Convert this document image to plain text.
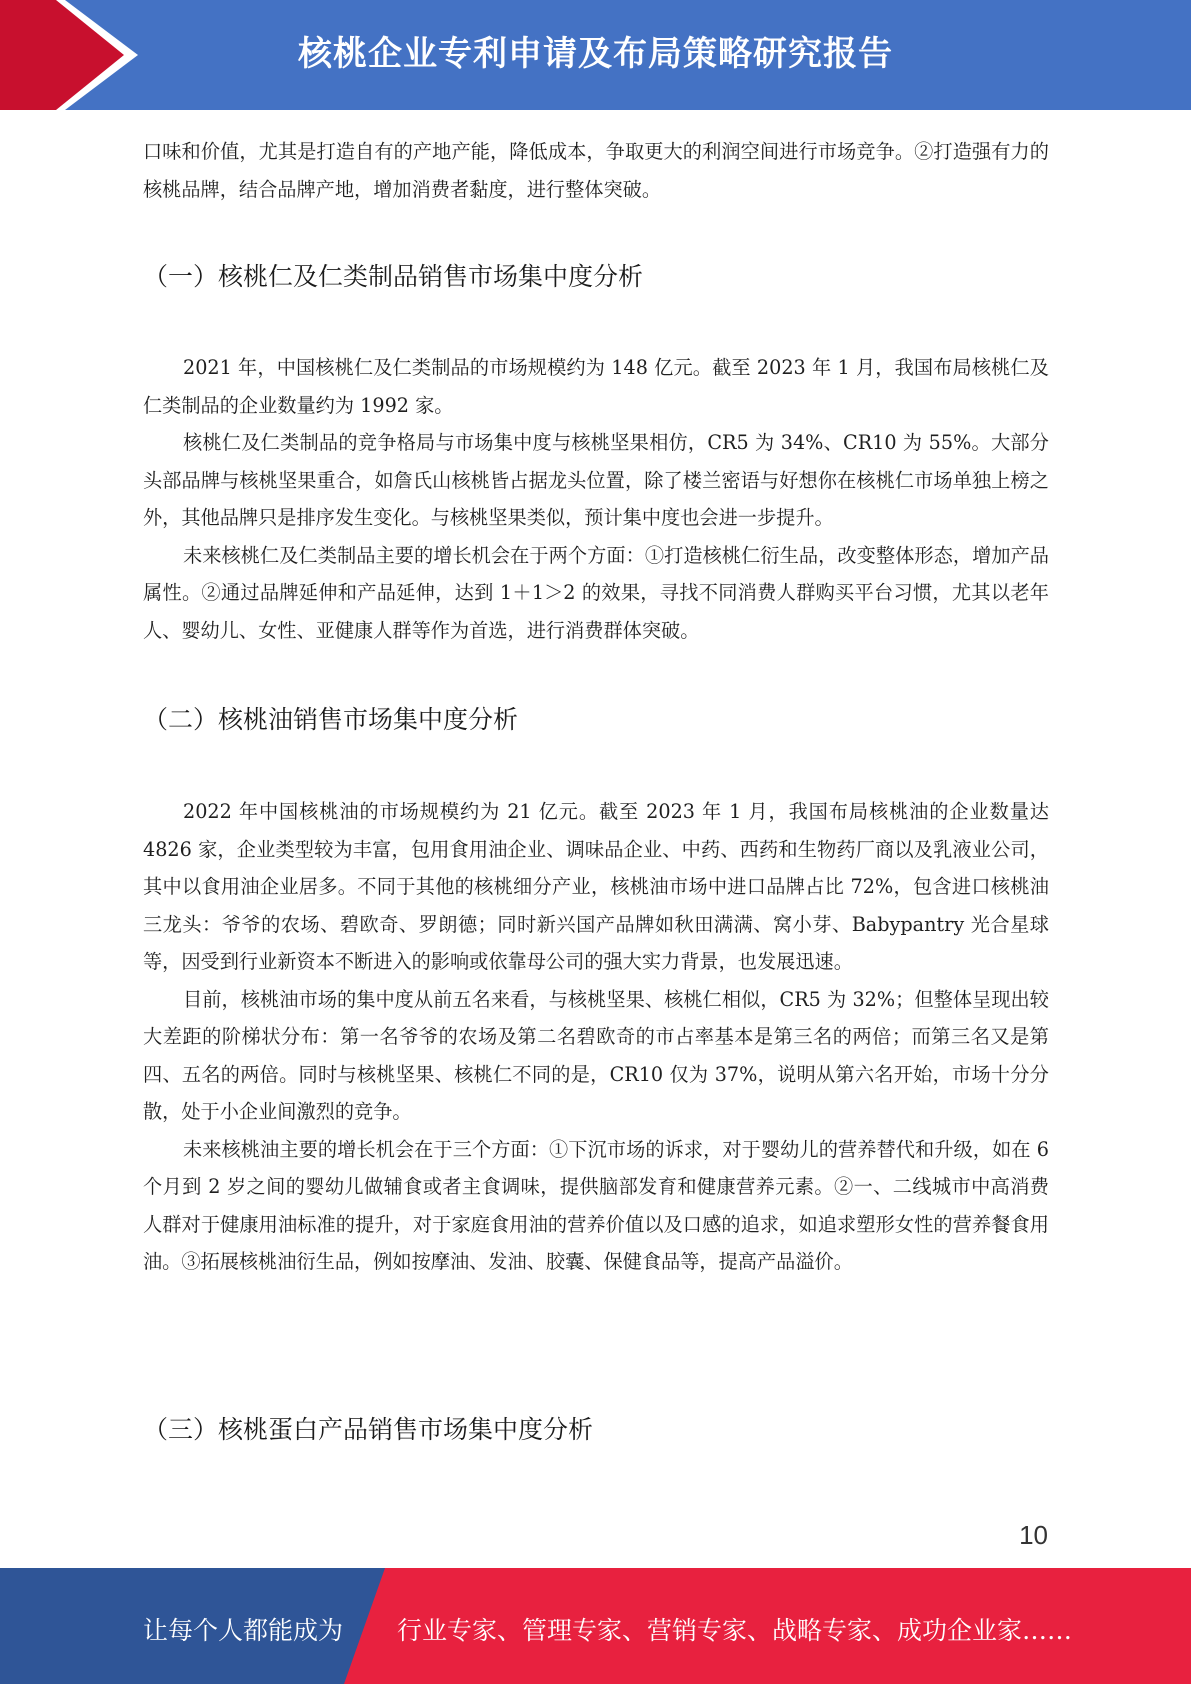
核桃企业专利申请及布局策略研究报告

口味和价值，尤其是打造自有的产地产能，降低成本，争取更大的利润空间进行市场竞争。②打造强有力的核桃品牌，结合品牌产地，增加消费者黏度，进行整体突破。

（一）核桃仁及仁类制品销售市场集中度分析

2021 年，中国核桃仁及仁类制品的市场规模约为 148 亿元。截至 2023 年 1 月，我国布局核桃仁及仁类制品的企业数量约为 1992 家。

核桃仁及仁类制品的竞争格局与市场集中度与核桃坚果相仿，CR5 为 34%、CR10 为 55%。大部分头部品牌与核桃坚果重合，如詹氏山核桃皆占据龙头位置，除了楼兰密语与好想你在核桃仁市场单独上榜之外，其他品牌只是排序发生变化。与核桃坚果类似，预计集中度也会进一步提升。

未来核桃仁及仁类制品主要的增长机会在于两个方面：①打造核桃仁衍生品，改变整体形态，增加产品属性。②通过品牌延伸和产品延伸，达到 1＋1＞2 的效果，寻找不同消费人群购买平台习惯，尤其以老年人、婴幼儿、女性、亚健康人群等作为首选，进行消费群体突破。

（二）核桃油销售市场集中度分析

2022 年中国核桃油的市场规模约为 21 亿元。截至 2023 年 1 月，我国布局核桃油的企业数量达 4826 家，企业类型较为丰富，包用食用油企业、调味品企业、中药、西药和生物药厂商以及乳液业公司，其中以食用油企业居多。不同于其他的核桃细分产业，核桃油市场中进口品牌占比 72%，包含进口核桃油三龙头：爷爷的农场、碧欧奇、罗朗德；同时新兴国产品牌如秋田满满、窝小芽、Babypantry 光合星球等，因受到行业新资本不断进入的影响或依靠母公司的强大实力背景，也发展迅速。

目前，核桃油市场的集中度从前五名来看，与核桃坚果、核桃仁相似，CR5 为 32%；但整体呈现出较大差距的阶梯状分布：第一名爷爷的农场及第二名碧欧奇的市占率基本是第三名的两倍；而第三名又是第四、五名的两倍。同时与核桃坚果、核桃仁不同的是，CR10 仅为 37%，说明从第六名开始，市场十分分散，处于小企业间激烈的竞争。

未来核桃油主要的增长机会在于三个方面：①下沉市场的诉求，对于婴幼儿的营养替代和升级，如在 6 个月到 2 岁之间的婴幼儿做辅食或者主食调味，提供脑部发育和健康营养元素。②一、二线城市中高消费人群对于健康用油标准的提升，对于家庭食用油的营养价值以及口感的追求，如追求塑形女性的营养餐食用油。③拓展核桃油衍生品，例如按摩油、发油、胶囊、保健食品等，提高产品溢价。

（三）核桃蛋白产品销售市场集中度分析
10
让每个人都能成为 行业专家、管理专家、营销专家、战略专家、成功企业家……
